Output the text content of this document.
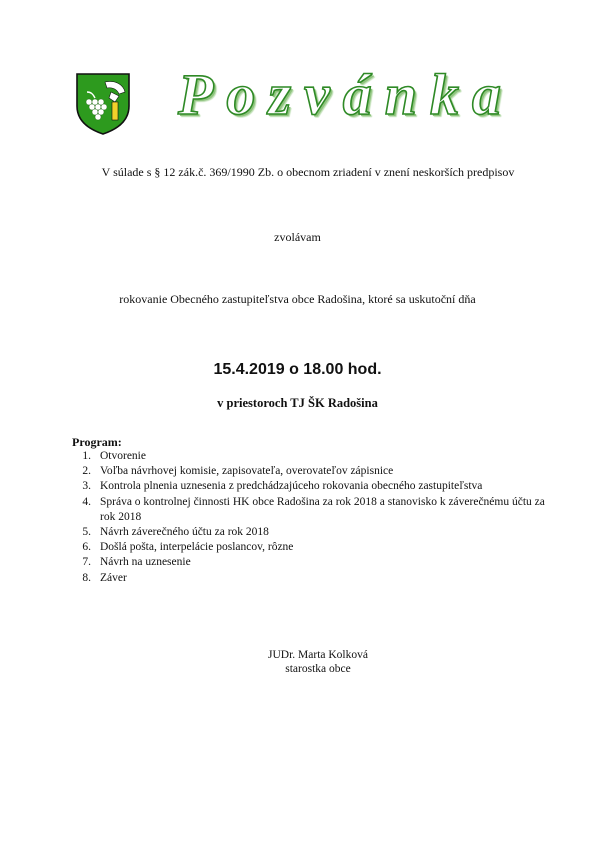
Pozvánka

V súlade s § 12 zák.č. 369/1990 Zb. o obecnom zriadení v znení neskorších predpisov

zvolávam

rokovanie Obecného zastupiteľstva obce Radošina, ktoré sa uskutoční dňa

15.4.2019 o 18.00 hod.

v priestoroch TJ ŠK Radošina

Program:

1. Otvorenie
2. Voľba návrhovej komisie, zapisovateľa, overovateľov zápisnice
3. Kontrola plnenia uznesenia z predchádzajúceho rokovania obecného zastupiteľstva
4. Správa o kontrolnej činnosti HK obce Radošina za rok 2018 a stanovisko k záverečnému účtu za rok 2018
5. Návrh záverečného účtu za rok 2018
6. Došlá pošta, interpelácie poslancov, rôzne
7. Návrh na uznesenie
8. Záver

JUDr. Marta Kolková

starostka obce
